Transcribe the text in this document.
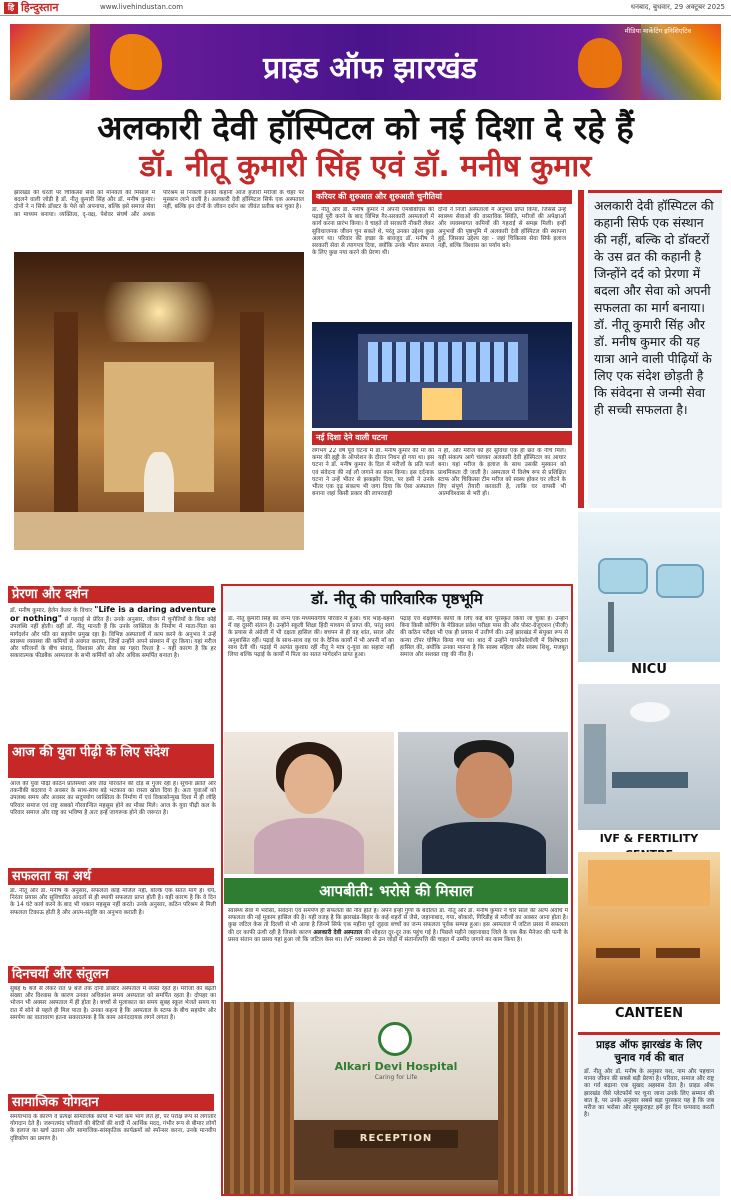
हि हिन्दुस्तान	www.livehindustan.com	धनबाद, बुधवार, 29 अक्टूबर 2025
प्राइड ऑफ झारखंड
मीडिया मार्केटिंग इनिशिएटिव
अलकारी देवी हॉस्पिटल को नई दिशा दे रहे हैं
डॉ. नीतू कुमारी सिंह एवं डॉ. मनीष कुमार
झारखंड की धरती पर चिकित्सा सेवा को मानवता की मिसाल में बदलने वाली जोड़ी है डॉ. नीतू कुमारी सिंह और डॉ. मनीष कुमार। दोनों ने न सिर्फ डॉक्टर के पेशे को अपनाया, बल्कि इसे समाज सेवा का माध्यम बनाया। व्यक्तित्व, दृ-वक्ष, पेशेवर संघर्ष और अथक परिश्रम से निकली इनकी कहानी आज हजारों मरीजों के चेहरे पर मुस्कान लाने वाली है। अलकारी देवी हॉस्पिटल सिर्फ एक अस्पताल नहीं, बल्कि इन दोनों के जीवन दर्शन का जीवंत प्रतीक बन चुका है।
करियर की शुरुआत और शुरुआती चुनौतियां
डॉ. नीतू और डॉ. मनीष कुमार ने अपनी एमबीबीएस की पढ़ाई पूरी करने के बाद विभिन्न गैर-सरकारी अस्पतालों में कार्य करना प्रारंभ किया। वे चाहते तो सरकारी नौकरी लेकर सुविधाजनक जीवन चुन सकते थे, परंतु उनका उद्देश्य कुछ अलग था। परिवार की इच्छा के बावजूद डॉ. मनीष ने सरकारी सेवा से त्यागपत्र दिया, क्योंकि उनके भीतर समाज के लिए कुछ नया करने की प्रेरणा थी।
दोनों ने निजी अस्पतालों में अनुभव प्राप्त किया, जिससे उन्हें स्वास्थ्य सेवाओं की वास्तविक स्थिति, मरीजों की अपेक्षाओं और व्यवस्थागत कमियों की गहराई से समझ मिली। इन्हीं अनुभवों की पृष्ठभूमि में अलकारी देवी हॉस्पिटल की स्थापना हुई, जिसका उद्देश्य रहा - जहां चिकित्सा सेवा सिर्फ इलाज नहीं, बल्कि विश्वास का पर्याय बने।
अलकारी देवी हॉस्पिटल की कहानी सिर्फ एक संस्थान की नहीं, बल्कि दो डॉक्टरों के उस व्रत की कहानी है जिन्होंने दर्द को प्रेरणा में बदला और सेवा को अपनी सफलता का मार्ग बनाया। डॉ. नीतू कुमारी सिंह और डॉ. मनीष कुमार की यह यात्रा आने वाली पीढ़ियों के लिए एक संदेश छोड़ती है कि संवेदना से जन्मी सेवा ही सच्ची सफलता है।
नई दिशा देने वाली घटना
लगभग 22 वर्ष पूर्व घटना में डॉ. मनीष कुमार की माँ का कमर की हड्डी के ऑपरेशन के दौरान निधन हो गया था। इस घटना ने डॉ. मनीष कुमार के दिल में मरीजों के प्रति फर्ज एवं संवेदना की नई लौ जगाने का काम किया। इस दर्दनाक घटना ने उन्हें भीतर से झकझोर दिया, पर इसी ने उनके भीतर एक दृढ़ संकल्प भी जगा दिया कि ऐसा अस्पताल बनाना जहां किसी प्रकार की लापरवाही
न हो, और मरीज को हर सुविधा एक ही छत के नीचे मिले। यही संकल्प आगे चलकर अलकारी देवी हॉस्पिटल का आधार बना। यहां मरीज के इलाज के साथ उसकी मुस्कान को प्राथमिकता दी जाती है। अस्पताल में विशेष रूप से प्रशिक्षित स्टाफ और चिकित्सा टीम मरीज को स्वस्थ होकर घर लौटने के लिए संपूर्ण तैयारी करवाती है, ताकि घर वापसी भी आत्मविश्वास से भरी हो।
NICU
IVF & FERTILITY
CANTEEN
प्राइड ऑफ झारखंड के लिए चुनाव गर्व की बात
डॉ. नीतू और डॉ. मनीष के अनुसार यश, नाम और पहचान मानव जीवन की सबसे बड़ी प्रेरणा है। परिवार, समाज और राष्ट्र का गर्व बढ़ाना एक सुखद अहसास देता है। प्राइड ऑफ झारखंड जैसे प्लेटफॉर्म पर चुना जाना उनके लिए सम्मान की बात है, पर उनके अनुसार सबसे बड़ा पुरस्कार यह है कि जब मरीज का भरोसा और मुस्कुराहट हमें हर दिन धन्यवाद करती है।
प्रेरणा और दर्शन
डॉ. मनीष कुमार, हेलेन केलर के विचार "Life is a daring adventure or nothing" से गहराई से प्रेरित हैं। उनके अनुसार, जीवन में चुनौतियों के बिना कोई उपलब्धि नहीं होती। वहीं डॉ. नीतू मानती हैं कि उनके व्यक्तित्व के निर्माण में माता-पिता का मार्गदर्शन और पति का सहयोग प्रमुख रहा है। विभिन्न अस्पतालों में काम करने के अनुभव ने उन्हें स्वास्थ्य व्यवस्था की कमियों से अवगत कराया, जिन्हें उन्होंने अपने संस्थान में दूर किया। यहां मरीज और परिजनों के बीच संवाद, विश्वास और सेवा का गहरा रिश्ता है - यही कारण है कि हर सकारात्मक फीडबैक अस्पताल के सभी कर्मियों को और अधिक समर्पित बनाता है।
आज की युवा पीढ़ी के लिए संदेश
आज की युवा पीढ़ी कठिन प्रतिस्पर्धा और तीव्र परिवर्तन की दौड़ से गुजर रही है। सूचना क्रांति और तकनीकी बदलाव ने अवसर के साथ-साथ बड़े भटकाव का रास्ता खोल दिया है। अतः युवाओं को उपलब्ध समय और अवसर का सदुपयोग व्यक्तित्व के निर्माण में एवं विकासोन्मुख दिशा में ही लोहि परिवार समाज एवं राष्ट्र सबको गौरवान्वित महसूस होने का मौका मिले। आज के युवा पीढ़ी कल के परिवार समाज और राष्ट्र का भविष्य है अतः इन्हें जागरूक होने की जरूरत है।
सफलता का अर्थ
डॉ. नीतू और डॉ. मनीष के अनुसार, सफलता कोई मंजिल नहीं, बल्कि एक सतत मार्ग है। धैर्य, निरंतर प्रयास और सुविचारित आदतों से ही स्थायी सफलता प्राप्त होती है। यही कारण है कि वे दिन के 14 घंटे कार्य करने के बाद भी थकान महसूस नहीं करते। उनके अनुसार, कठिन परिश्रम से मिली सफलता टिकाऊ होती है और आत्म-संतुष्टि का अनुभव कराती है।
दिनचर्या और संतुलन
सुबह 6 बजे से लेकर रात 9 बजे तक दोनों डॉक्टर अस्पताल में व्यस्त रहते हैं। मरीजों की बढ़ती संख्या और विश्वास के कारण उनका अधिकांश समय अस्पताल को समर्पित रहता है। दोपहर का भोजन भी अक्सर अस्पताल में ही होता है। बच्चों से मुलाकात का समय सुबह स्कूल भेजते समय या रात में सोने से पहले ही मिल पाता है। उनका कहना है कि अस्पताल के स्टाफ के बीच सहयोग और समर्पण का वातावरण इतना सकारात्मक है कि काम आनंददायक लगने लगता है।
सामाजिक योगदान
समयाभाव के कारण वे प्रत्यक्ष सामाजिक कार्यों में भले कम भाग लेते हों, पर परोक्ष रूप से लगातार योगदान देते हैं। जरूरतमंद परिवारों की बेटियों की शादी में आर्थिक मदद, गंभीर रूप से बीमार लोगों के इलाज का खर्च उठाना और सामाजिक-सांस्कृतिक कार्यक्रमों को स्पॉन्सर करना, उनके मानवीय दृष्टिकोण का प्रमाण है।
डॉ. नीतू की पारिवारिक पृष्ठभूमि
डॉ. नीतू कुमारी सिंह का जन्म एक मध्यमवर्गीय परिवार में हुआ। चार भाई-बहनों में वह दूसरी संतान हैं। उन्होंने स्कूली शिक्षा हिंदी माध्यम से प्राप्त की, परंतु स्वयं के प्रयास से अंग्रेजी में भी दक्षता हासिल की। बचपन से ही वह शांत, सरल और अनुशासित रहीं। पढ़ाई के साथ-साथ वह घर के दैनिक कार्यों में भी अपनी माँ का साथ देती थीं। पढ़ाई में अत्यंत कुशाग्र रहीं नीतू ने मात्र दृ-युवा का सहारा नहीं लिया बल्कि पढ़ाई के कार्यों में पिता का सतत मार्गदर्शन प्राप्त हुआ।
पढ़ाई एवं शैक्षणिक कार्यों के लिए कई बार पुरस्कृत किया जा चुका है। उन्होंने बिना किसी कोचिंग के मेडिकल प्रवेश परीक्षा पास की और पोस्ट-ग्रेजुएशन (पीजी) की कठिन परीक्षा भी एक ही प्रयास में उत्तीर्ण की। उन्हें झारखंड में संयुक्त रूप से कन्या टॉपर घोषित किया गया था। बाद में उन्होंने गायनेकोलॉजी में विशेषज्ञता हासिल की, क्योंकि उनका मानना है कि स्वस्थ महिला और स्वस्थ शिशु, मजबूत समाज और सशक्त राष्ट्र की नींव हैं।
आपबीती: भरोसे की मिसाल
स्वास्थ्य सेवा में भरोसा, संवेदना एवं समर्पण ही सफलता की नींव होते हैं। अपने इन्हीं गुणों के बदौलत डॉ. नीतू और डॉ. मनीष कुमार ने चार साल की अल्प अवधि में सफलता की नई मुकाम हासिल की है। यही वजह है कि झारखंड-बिहार के कई शहरों से जैसे, जहानाबाद, गया, बोकारो, गिरिडीह से मरीजों का अक्सर आना होता है। कुछ जटिल केस तो दिल्ली से भी आया है जिनमें सिर्फ एक महीना पूर्व जुड़वा बच्चों का जन्म सफलता पूर्वक सम्पन्न हुआ। इस अस्पताल में जटिल प्रसव में सफलता की दर काफी ऊंची रही है जिसके कारण अलकारी देवी अस्पताल की शोहरत दूर-दूर तक पहुंच गई है। पिछले महीने जहानाबाद जिले के एक बैंक मैनेजर की पत्नी के प्रसव संतान का प्रसव यहां हुआ जो कि जटिल केस था। IVF व्यवस्था से उन जोड़ों में संतानोत्पत्ति की चाहत में उम्मीद जगाने का काम किया है।
Alkari Devi Hospital
Caring for Life
RECEPTION
